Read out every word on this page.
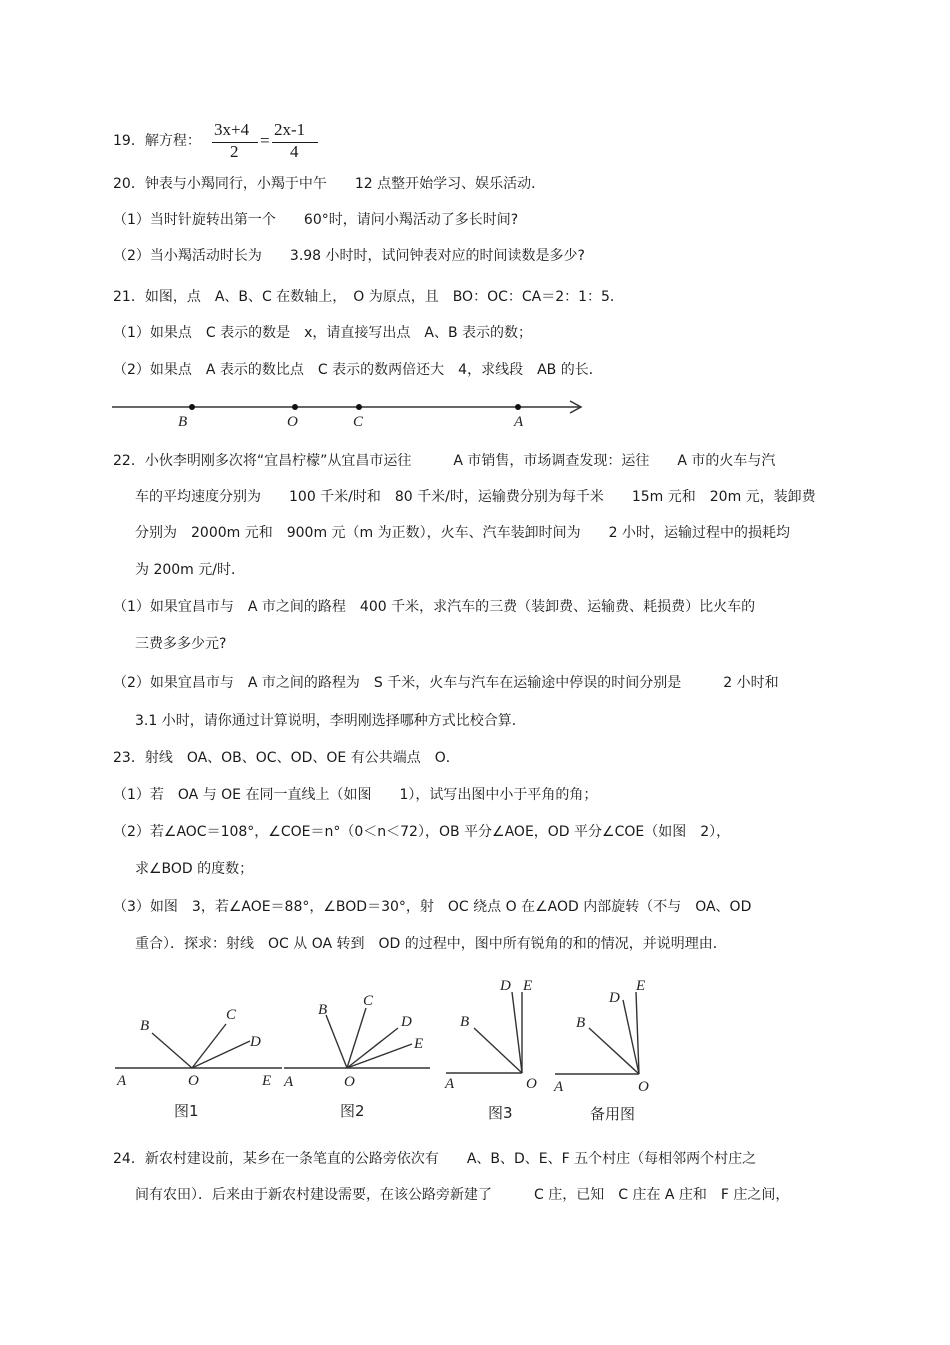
19．解方程：
3x+4
2
=
2x-1
4
20．钟表与小羯同行，小羯于中午　　12 点整开始学习、娱乐活动．
（1）当时针旋转出第一个　　60°时，请问小羯活动了多长时间?
（2）当小羯活动时长为　　3.98 小时时，试问钟表对应的时间读数是多少?
21．如图，点　A、B、C 在数轴上，　O 为原点，且　BO：OC：CA＝2：1：5．
（1）如果点　C 表示的数是　x，请直接写出点　A、B 表示的数；
（2）如果点　A 表示的数比点　C 表示的数两倍还大　4，求线段　AB 的长．
B	O	C	A
22．小伙李明刚多次将“宜昌柠檬”从宜昌市运往　　　A 市销售，市场调查发现：运往　　A 市的火车与汽
车的平均速度分别为　　100 千米/时和　80 千米/时，运输费分别为每千米　　15m 元和　20m 元，装卸费
分别为　2000m 元和　900m 元（m 为正数），火车、汽车装卸时间为　　2 小时，运输过程中的损耗均
为 200m 元/时．
（1）如果宜昌市与　A 市之间的路程　400 千米，求汽车的三费（装卸费、运输费、耗损费）比火车的
三费多多少元?
（2）如果宜昌市与　A 市之间的路程为　S 千米，火车与汽车在运输途中停误的时间分别是　　　2 小时和
3.1 小时，请你通过计算说明，李明刚选择哪种方式比校合算．
23．射线　OA、OB、OC、OD、OE 有公共端点　O．
（1）若　OA 与 OE 在同一直线上（如图　　1），试写出图中小于平角的角；
（2）若∠AOC＝108°，∠COE＝n°（0＜n＜72），OB 平分∠AOE，OD 平分∠COE（如图　2），
求∠BOD 的度数；
（3）如图　3，若∠AOE＝88°，∠BOD＝30°，射　OC 绕点 O 在∠AOD 内部旋转（不与　OA、OD
重合）．探求：射线　OC 从 OA 转到　OD 的过程中，图中所有锐角的和的情况，并说明理由．
A
B
C
D
E
O
图1
A
B
C
D
E
O
图2
A
B
D E
O
图3
A
B
D
E
O
备用图
24．新农村建设前，某乡在一条笔直的公路旁依次有　　A、B、D、E、F 五个村庄（每相邻两个村庄之
间有农田）．后来由于新农村建设需要，在该公路旁新建了　　　C 庄，已知　C 庄在 A 庄和　F 庄之间，
